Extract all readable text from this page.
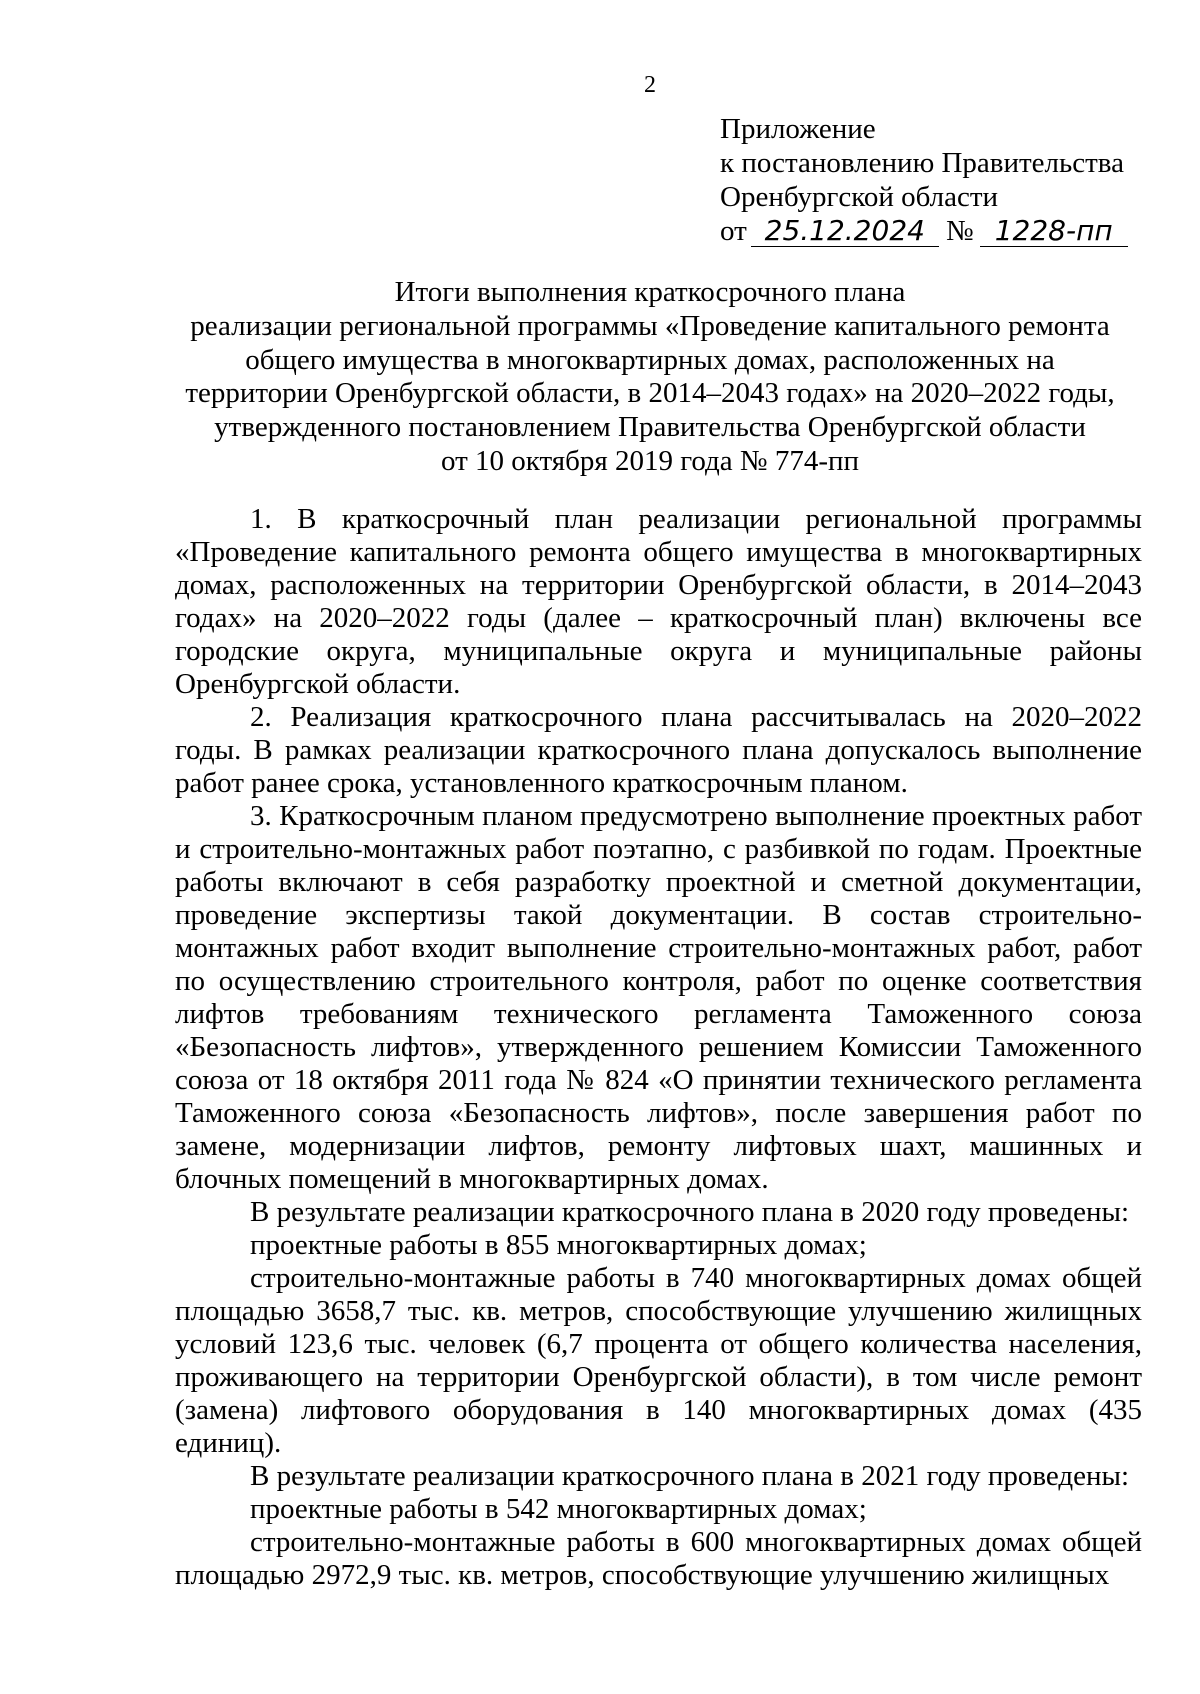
2
Приложение
к постановлению Правительства
Оренбургской области
от 25.12.2024 № 1228-пп
Итоги выполнения краткосрочного плана
реализации региональной программы «Проведение капитального ремонта
общего имущества в многоквартирных домах, расположенных на
территории Оренбургской области, в 2014–2043 годах» на 2020–2022 годы,
утвержденного постановлением Правительства Оренбургской области
от 10 октября 2019 года № 774-пп

1. В краткосрочный план реализации региональной программы «Проведение капитального ремонта общего имущества в многоквартирных домах, расположенных на территории Оренбургской области, в 2014–2043 годах» на 2020–2022 годы (далее – краткосрочный план) включены все городские округа, муниципальные округа и муниципальные районы Оренбургской области.

2. Реализация краткосрочного плана рассчитывалась на 2020–2022 годы. В рамках реализации краткосрочного плана допускалось выполнение работ ранее срока, установленного краткосрочным планом.

3. Краткосрочным планом предусмотрено выполнение проектных работ и строительно-монтажных работ поэтапно, с разбивкой по годам. Проектные работы включают в себя разработку проектной и сметной документации, проведение экспертизы такой документации. В состав строительно-монтажных работ входит выполнение строительно-монтажных работ, работ по осуществлению строительного контроля, работ по оценке соответствия лифтов требованиям технического регламента Таможенного союза «Безопасность лифтов», утвержденного решением Комиссии Таможенного союза от 18 октября 2011 года № 824 «О принятии технического регламента Таможенного союза «Безопасность лифтов», после завершения работ по замене, модернизации лифтов, ремонту лифтовых шахт, машинных и блочных помещений в многоквартирных домах.

В результате реализации краткосрочного плана в 2020 году проведены:

проектные работы в 855 многоквартирных домах;

строительно-монтажные работы в 740 многоквартирных домах общей площадью 3658,7 тыс. кв. метров, способствующие улучшению жилищных условий 123,6 тыс. человек (6,7 процента от общего количества населения, проживающего на территории Оренбургской области), в том числе ремонт (замена) лифтового оборудования в 140 многоквартирных домах (435 единиц).

В результате реализации краткосрочного плана в 2021 году проведены:

проектные работы в 542 многоквартирных домах;

строительно-монтажные работы в 600 многоквартирных домах общей площадью 2972,9 тыс. кв. метров, способствующие улучшению жилищных
